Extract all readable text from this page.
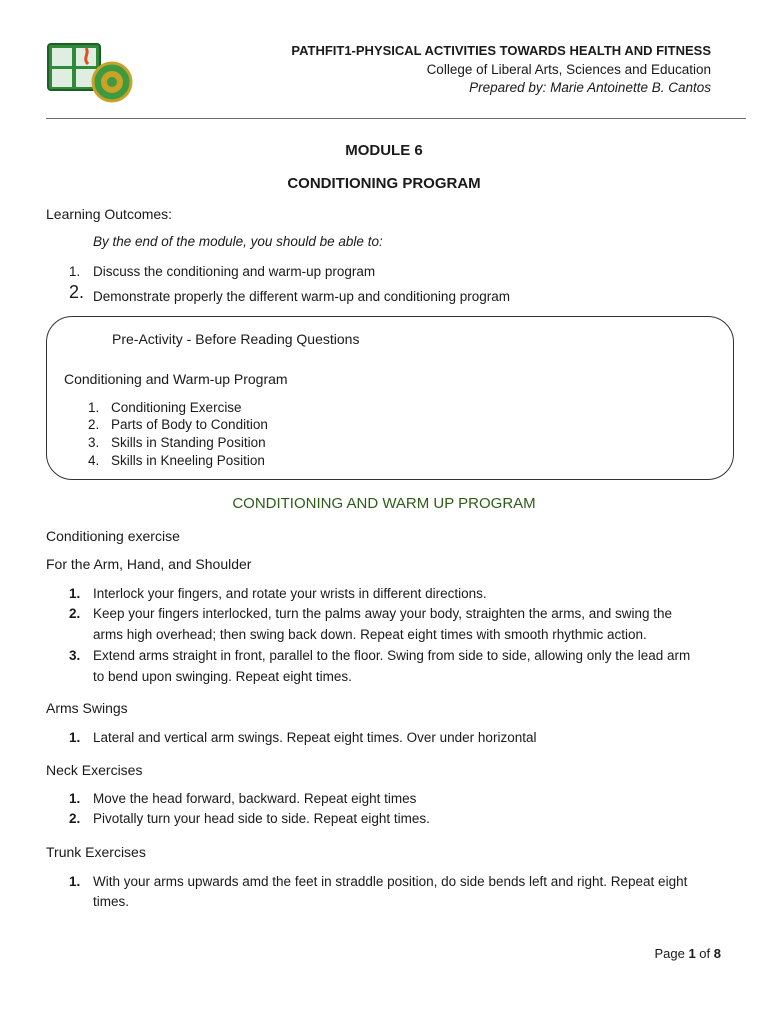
PATHFIT1-PHYSICAL ACTIVITIES TOWARDS HEALTH AND FITNESS
College of Liberal Arts, Sciences and Education
Prepared by: Marie Antoinette B. Cantos
MODULE 6
CONDITIONING PROGRAM
Learning Outcomes:
By the end of the module, you should be able to:
1. Discuss the conditioning and warm-up program
2. Demonstrate properly the different warm-up and conditioning program
Pre-Activity - Before Reading Questions
Conditioning and Warm-up Program
1. Conditioning Exercise
2. Parts of Body to Condition
3. Skills in Standing Position
4. Skills in Kneeling Position
CONDITIONING AND WARM UP PROGRAM
Conditioning exercise
For the Arm, Hand, and Shoulder
1. Interlock your fingers, and rotate your wrists in different directions.
2. Keep your fingers interlocked, turn the palms away your body, straighten the arms, and swing the
arms high overhead; then swing back down. Repeat eight times with smooth rhythmic action.
3. Extend arms straight in front, parallel to the floor. Swing from side to side, allowing only the lead arm
to bend upon swinging. Repeat eight times.
Arms Swings
1. Lateral and vertical arm swings. Repeat eight times. Over under horizontal
Neck Exercises
1. Move the head forward, backward. Repeat eight times
2. Pivotally turn your head side to side. Repeat eight times.
Trunk Exercises
1. With your arms upwards amd the feet in straddle position, do side bends left and right. Repeat eight
times.
Page 1 of 8
